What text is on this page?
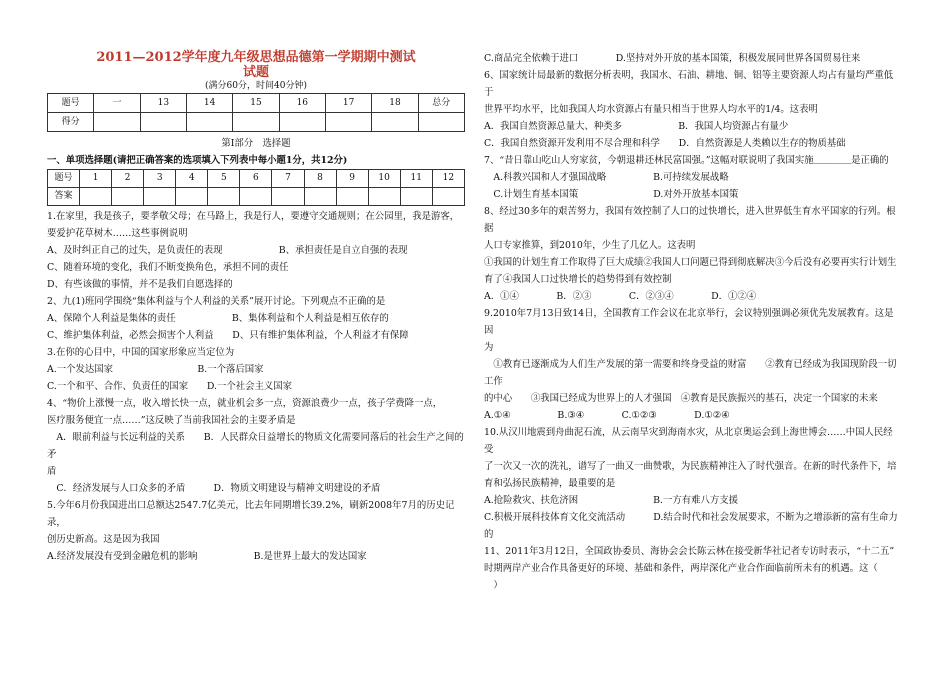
2011—2012学年度九年级思想品德第一学期期中测试
试题
(满分60分，时间40分钟)
题号	一	13	14	15	16	17	18	总分
得分								
第Ⅰ部分　选择题
一、单项选择题(请把正确答案的选项填入下列表中每小题1分，共12分)
题号	1	2	3	4	5	6	7	8	9	10	11	12
答案												

1.在家里，我是孩子，要孝敬父母；在马路上，我是行人，要遵守交通规则；在公园里，我是游客，

要爱护花草树木……这些事例说明

A、及时纠正自己的过失，是负责任的表现　　　　　　B、承担责任是自立自强的表现

C、随着环境的变化，我们不断变换角色，承担不同的责任

D、有些该做的事情，并不是我们自愿选择的

2、九(1)班同学围绕“集体利益与个人利益的关系”展开讨论。下列观点不正确的是

A、保障个人利益是集体的责任　　　　　　B、集体利益和个人利益是相互依存的

C、维护集体利益，必然会损害个人利益　　D、只有维护集体利益，个人利益才有保障

3.在你的心目中，中国的国家形象应当定位为

A.一个发达国家　　　　　　　　　B.一个落后国家

C.一个和平、合作、负责任的国家　　D.一个社会主义国家

4、“物价上涨慢一点，收入增长快一点，就业机会多一点，资源浪费少一点，孩子学费降一点，

医疗服务便宜一点……”这反映了当前我国社会的主要矛盾是

　A．眼前利益与长远利益的关系　　B．人民群众日益增长的物质文化需要同落后的社会生产之间的矛

盾

　C．经济发展与人口众多的矛盾　　　D．物质文明建设与精神文明建设的矛盾

5.今年6月份我国进出口总额达2547.7亿美元，比去年同期增长39.2%，刷新2008年7月的历史记录，

创历史新高。这是因为我国

A.经济发展没有受到金融危机的影响　　　　　　B.是世界上最大的发达国家

C.商品完全依赖于进口　　　　D.坚持对外开放的基本国策，积极发展同世界各国贸易往来

6、国家统计局最新的数据分析表明，我国水、石油、耕地、铜、铝等主要资源人均占有量均严重低于

世界平均水平，比如我国人均水资源占有量只相当于世界人均水平的1/4。这表明

A．我国自然资源总量大、种类多　　　　　　B．我国人均资源占有量少

C．我国自然资源开发利用不尽合理和科学　　D．自然资源是人类赖以生存的物质基础

7、“昔日靠山吃山人穷家贫，今朝退耕还林民富国强。”这幅对联说明了我国实施＿＿＿＿是正确的

　A.科教兴国和人才强国战略　　　　　B.可持续发展战略

　C.计划生育基本国策　　　　　　　　D.对外开放基本国策

8、经过30多年的艰苦努力，我国有效控制了人口的过快增长，进入世界低生育水平国家的行列。根据

人口专家推算，到2010年，少生了几亿人。这表明

①我国的计划生育工作取得了巨大成绩②我国人口问题已得到彻底解决③今后没有必要再实行计划生

育了④我国人口过快增长的趋势得到有效控制

A．①④　　　　B．②③　　　　C．②③④　　　　D．①②④

9.2010年7月13日致14日，全国教育工作会议在北京举行，会议特别强调必须优先发展教育。这是因

为

　①教育已逐渐成为人们生产发展的第一需要和终身受益的财富　　②教育已经成为我国现阶段一切工作

的中心　　③我国已经成为世界上的人才强国　④教育是民族振兴的基石，决定一个国家的未来

A.①④　　　　　B.③④　　　　C.①②③　　　　D.①②④

10.从汉川地震到舟曲泥石流，从云南旱灾到海南水灾，从北京奥运会到上海世博会……中国人民经受

了一次又一次的洗礼，谱写了一曲又一曲赞歌，为民族精神注入了时代强音。在新的时代条件下，培

育和弘扬民族精神，最重要的是

A.抢险救灾、扶危济困　　　　　　　　B.一方有难八方支援

C.积极开展科技体育文化交流活动　　　D.结合时代和社会发展要求，不断为之增添新的富有生命力的

11、2011年3月12日，全国政协委员、海协会会长陈云林在接受新华社记者专访时表示，“十二五”

时期两岸产业合作具备更好的环境、基础和条件，两岸深化产业合作面临前所未有的机遇。这（

　）
